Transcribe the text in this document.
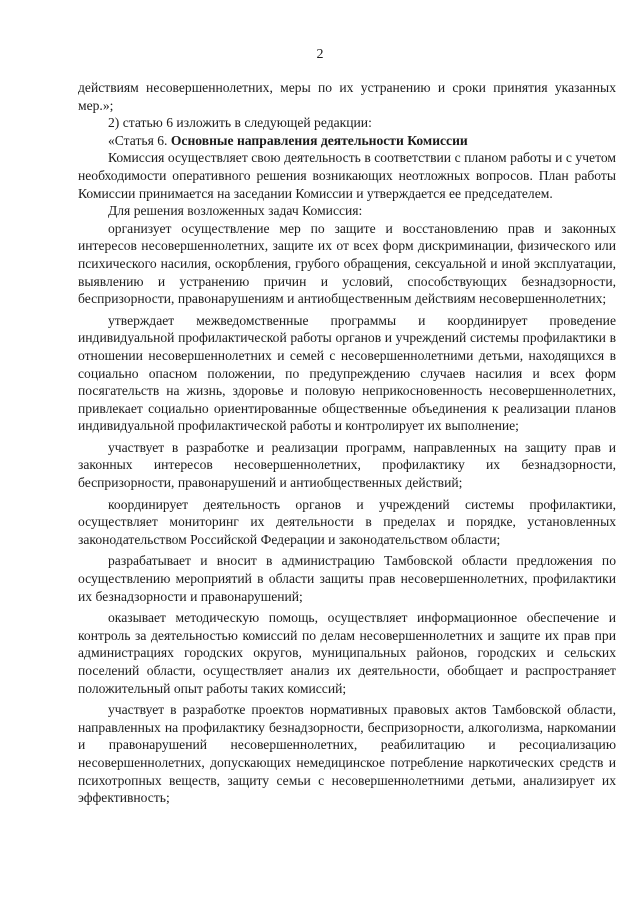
2

действиям несовершеннолетних, меры по их устранению и сроки принятия указанных мер.»;

2) статью 6 изложить в следующей редакции:

«Статья 6. Основные направления деятельности Комиссии

Комиссия осуществляет свою деятельность в соответствии с планом работы и с учетом необходимости оперативного решения возникающих неотложных вопросов. План работы Комиссии принимается на заседании Комиссии и утверждается ее председателем.

Для решения возложенных задач Комиссия:

организует осуществление мер по защите и восстановлению прав и законных интересов несовершеннолетних, защите их от всех форм дискриминации, физического или психического насилия, оскорбления, грубого обращения, сексуальной и иной эксплуатации, выявлению и устранению причин и условий, способствующих безнадзорности, беспризорности, правонарушениям и антиобщественным действиям несовершеннолетних;

утверждает межведомственные программы и координирует проведение индивидуальной профилактической работы органов и учреждений системы профилактики в отношении несовершеннолетних и семей с несовершеннолетними детьми, находящихся в социально опасном положении, по предупреждению случаев насилия и всех форм посягательств на жизнь, здоровье и половую неприкосновенность несовершеннолетних, привлекает социально ориентированные общественные объединения к реализации планов индивидуальной профилактической работы и контролирует их выполнение;

участвует в разработке и реализации программ, направленных на защиту прав и законных интересов несовершеннолетних, профилактику их безнадзорности, беспризорности, правонарушений и антиобщественных действий;

координирует деятельность органов и учреждений системы профилактики, осуществляет мониторинг их деятельности в пределах и порядке, установленных законодательством Российской Федерации и законодательством области;

разрабатывает и вносит в администрацию Тамбовской области предложения по осуществлению мероприятий в области защиты прав несовершеннолетних, профилактики их безнадзорности и правонарушений;

оказывает методическую помощь, осуществляет информационное обеспечение и контроль за деятельностью комиссий по делам несовершеннолетних и защите их прав при администрациях городских округов, муниципальных районов, городских и сельских поселений области, осуществляет анализ их деятельности, обобщает и распространяет положительный опыт работы таких комиссий;

участвует в разработке проектов нормативных правовых актов Тамбовской области, направленных на профилактику безнадзорности, беспризорности, алкоголизма, наркомании и правонарушений несовершеннолетних, реабилитацию и ресоциализацию несовершеннолетних, допускающих немедицинское потребление наркотических средств и психотропных веществ, защиту семьи с несовершеннолетними детьми, анализирует их эффективность;
